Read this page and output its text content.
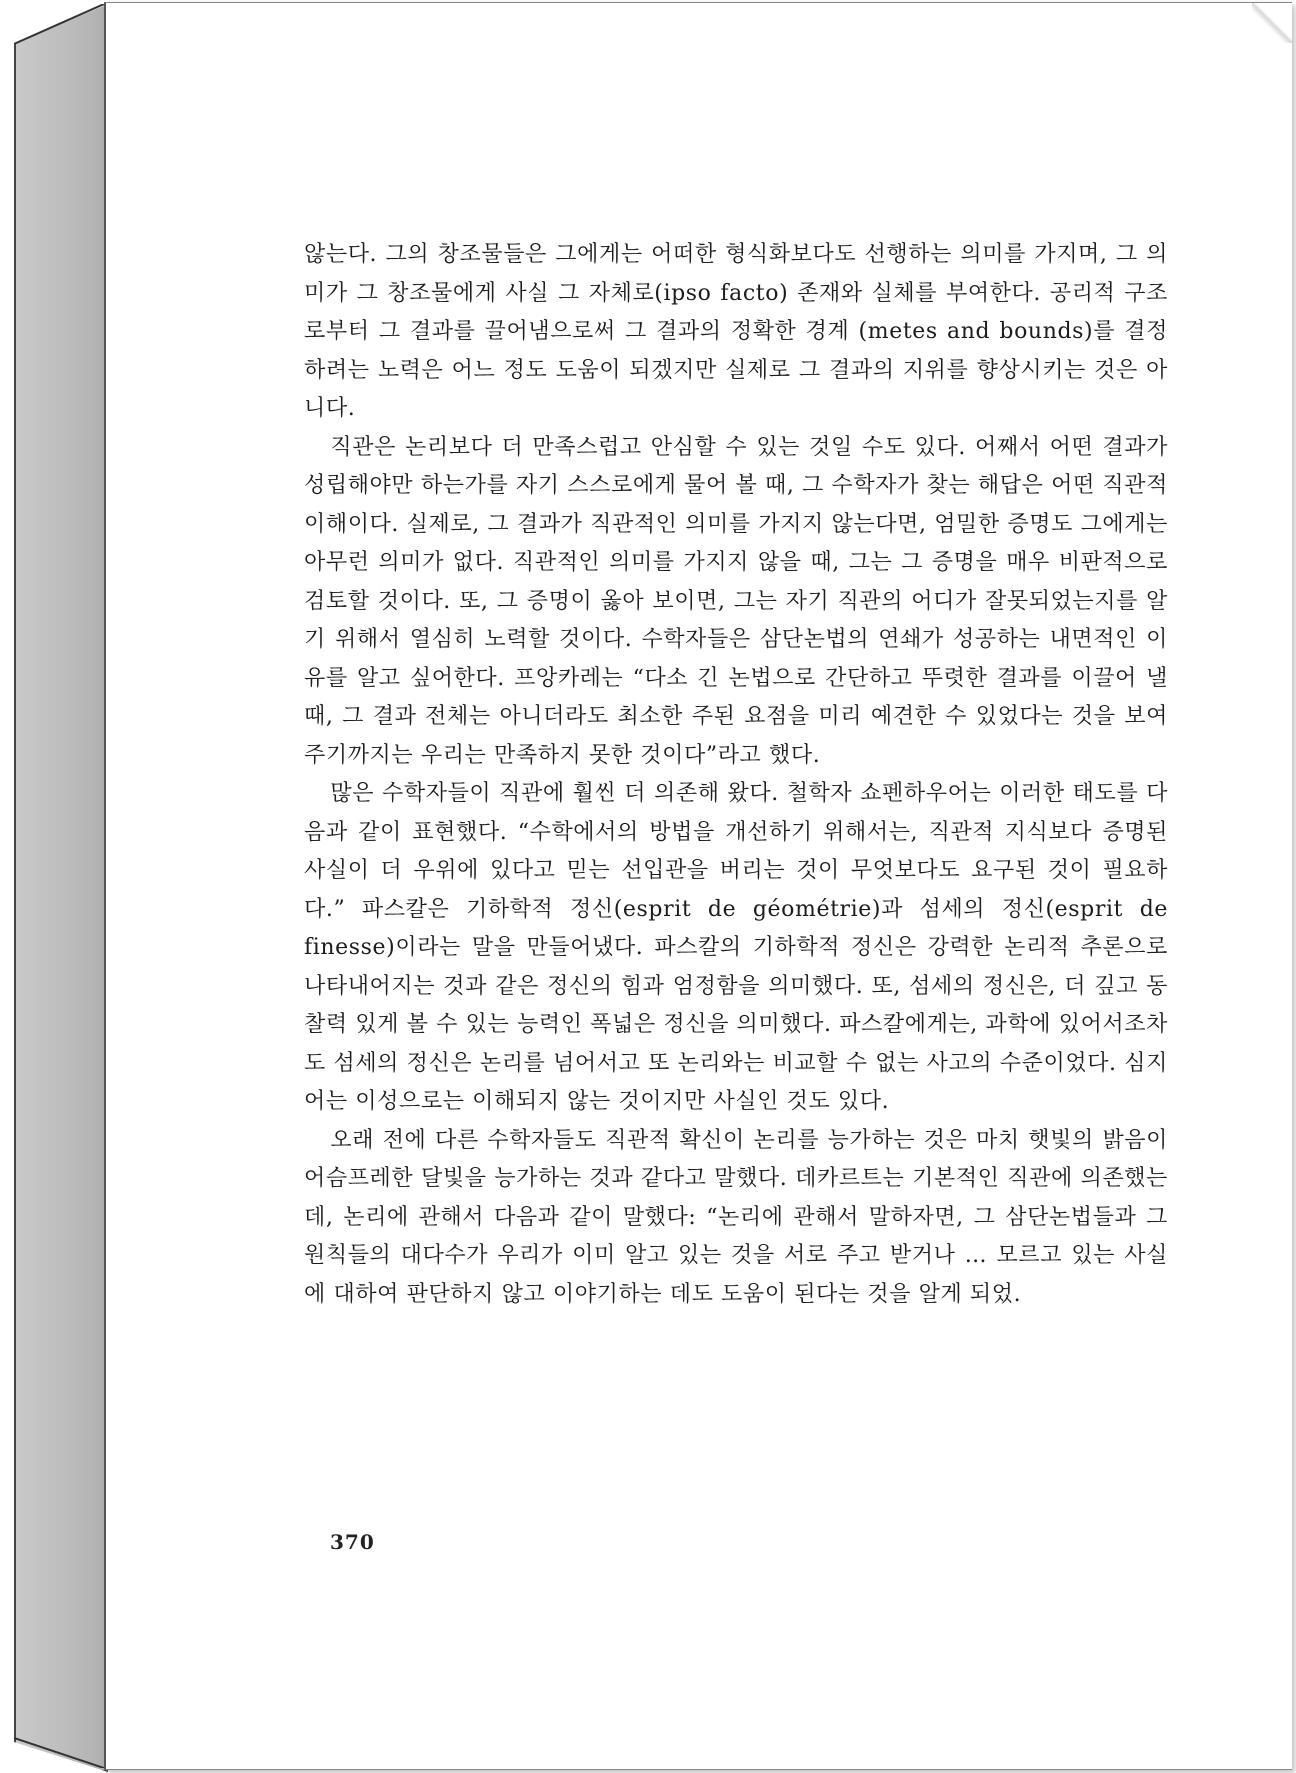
않는다. 그의 창조물들은 그에게는 어떠한 형식화보다도 선행하는 의미를 가지며, 그 의미가 그 창조물에게 사실 그 자체로(ipso facto) 존재와 실체를 부여한다. 공리적 구조로부터 그 결과를 끌어냄으로써 그 결과의 정확한 경계 (metes and bounds)를 결정하려는 노력은 어느 정도 도움이 되겠지만 실제로 그 결과의 지위를 향상시키는 것은 아니다.

직관은 논리보다 더 만족스럽고 안심할 수 있는 것일 수도 있다. 어째서 어떤 결과가 성립해야만 하는가를 자기 스스로에게 물어 볼 때, 그 수학자가 찾는 해답은 어떤 직관적 이해이다. 실제로, 그 결과가 직관적인 의미를 가지지 않는다면, 엄밀한 증명도 그에게는 아무런 의미가 없다. 직관적인 의미를 가지지 않을 때, 그는 그 증명을 매우 비판적으로 검토할 것이다. 또, 그 증명이 옳아 보이면, 그는 자기 직관의 어디가 잘못되었는지를 알기 위해서 열심히 노력할 것이다. 수학자들은 삼단논법의 연쇄가 성공하는 내면적인 이유를 알고 싶어한다. 프앙카레는 “다소 긴 논법으로 간단하고 뚜렷한 결과를 이끌어 낼 때, 그 결과 전체는 아니더라도 최소한 주된 요점을 미리 예견한 수 있었다는 것을 보여 주기까지는 우리는 만족하지 못한 것이다”라고 했다.

많은 수학자들이 직관에 훨씬 더 의존해 왔다. 철학자 쇼펜하우어는 이러한 태도를 다음과 같이 표현했다. “수학에서의 방법을 개선하기 위해서는, 직관적 지식보다 증명된 사실이 더 우위에 있다고 믿는 선입관을 버리는 것이 무엇보다도 요구된 것이 필요하다.” 파스칼은 기하학적 정신(esprit de géométrie)과 섬세의 정신(esprit de finesse)이라는 말을 만들어냈다. 파스칼의 기하학적 정신은 강력한 논리적 추론으로 나타내어지는 것과 같은 정신의 힘과 엄정함을 의미했다. 또, 섬세의 정신은, 더 깊고 동찰력 있게 볼 수 있는 능력인 폭넓은 정신을 의미했다. 파스칼에게는, 과학에 있어서조차도 섬세의 정신은 논리를 넘어서고 또 논리와는 비교할 수 없는 사고의 수준이었다. 심지어는 이성으로는 이해되지 않는 것이지만 사실인 것도 있다.

오래 전에 다른 수학자들도 직관적 확신이 논리를 능가하는 것은 마치 햇빛의 밝음이 어슴프레한 달빛을 능가하는 것과 같다고 말했다. 데카르트는 기본적인 직관에 의존했는데, 논리에 관해서 다음과 같이 말했다: “논리에 관해서 말하자면, 그 삼단논법들과 그 원칙들의 대다수가 우리가 이미 알고 있는 것을 서로 주고 받거나 … 모르고 있는 사실에 대하여 판단하지 않고 이야기하는 데도 도움이 된다는 것을 알게 되었.

370
